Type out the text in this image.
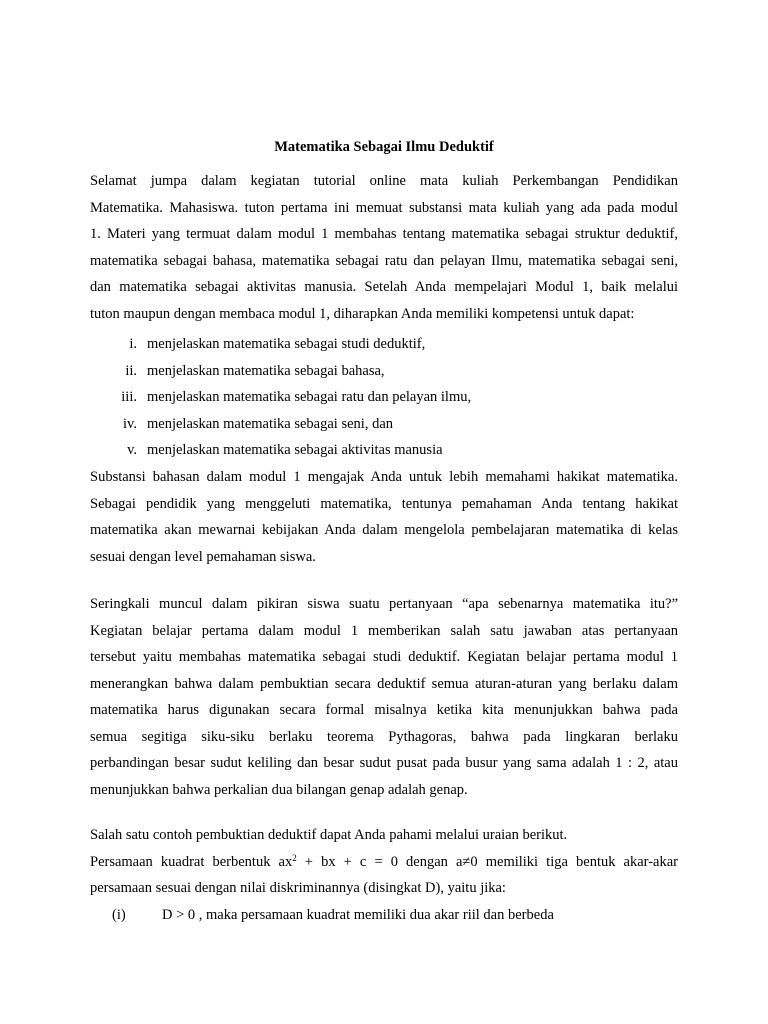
Matematika Sebagai Ilmu Deduktif
Selamat jumpa dalam kegiatan tutorial online mata kuliah Perkembangan Pendidikan
Matematika. Mahasiswa. tuton pertama ini memuat substansi mata kuliah yang ada pada modul
1. Materi yang termuat dalam modul 1 membahas tentang matematika sebagai struktur deduktif,
matematika sebagai bahasa, matematika sebagai ratu dan pelayan Ilmu, matematika sebagai seni,
dan matematika sebagai aktivitas manusia. Setelah Anda mempelajari Modul 1, baik melalui
tuton maupun dengan membaca modul 1, diharapkan Anda memiliki kompetensi untuk dapat:
i. menjelaskan matematika sebagai studi deduktif,
ii. menjelaskan matematika sebagai bahasa,
iii. menjelaskan matematika sebagai ratu dan pelayan ilmu,
iv. menjelaskan matematika sebagai seni, dan
v. menjelaskan matematika sebagai aktivitas manusia
Substansi bahasan dalam modul 1 mengajak Anda untuk lebih memahami hakikat matematika.
Sebagai pendidik yang menggeluti matematika, tentunya pemahaman Anda tentang hakikat
matematika akan mewarnai kebijakan Anda dalam mengelola pembelajaran matematika di kelas
sesuai dengan level pemahaman siswa.
Seringkali muncul dalam pikiran siswa suatu pertanyaan “apa sebenarnya matematika itu?”
Kegiatan belajar pertama dalam modul 1 memberikan salah satu jawaban atas pertanyaan
tersebut yaitu membahas matematika sebagai studi deduktif. Kegiatan belajar pertama modul 1
menerangkan bahwa dalam pembuktian secara deduktif semua aturan-aturan yang berlaku dalam
matematika harus digunakan secara formal misalnya ketika kita menunjukkan bahwa pada
semua segitiga siku-siku berlaku teorema Pythagoras, bahwa pada lingkaran berlaku
perbandingan besar sudut keliling dan besar sudut pusat pada busur yang sama adalah 1 : 2, atau
menunjukkan bahwa perkalian dua bilangan genap adalah genap.
Salah satu contoh pembuktian deduktif dapat Anda pahami melalui uraian berikut.
Persamaan kuadrat berbentuk $ax^2$ + bx + c = 0 dengan a≠0 memiliki tiga bentuk akar-akar
persamaan sesuai dengan nilai diskriminannya (disingkat D), yaitu jika:
(i)	D > 0 , maka persamaan kuadrat memiliki dua akar riil dan berbeda
